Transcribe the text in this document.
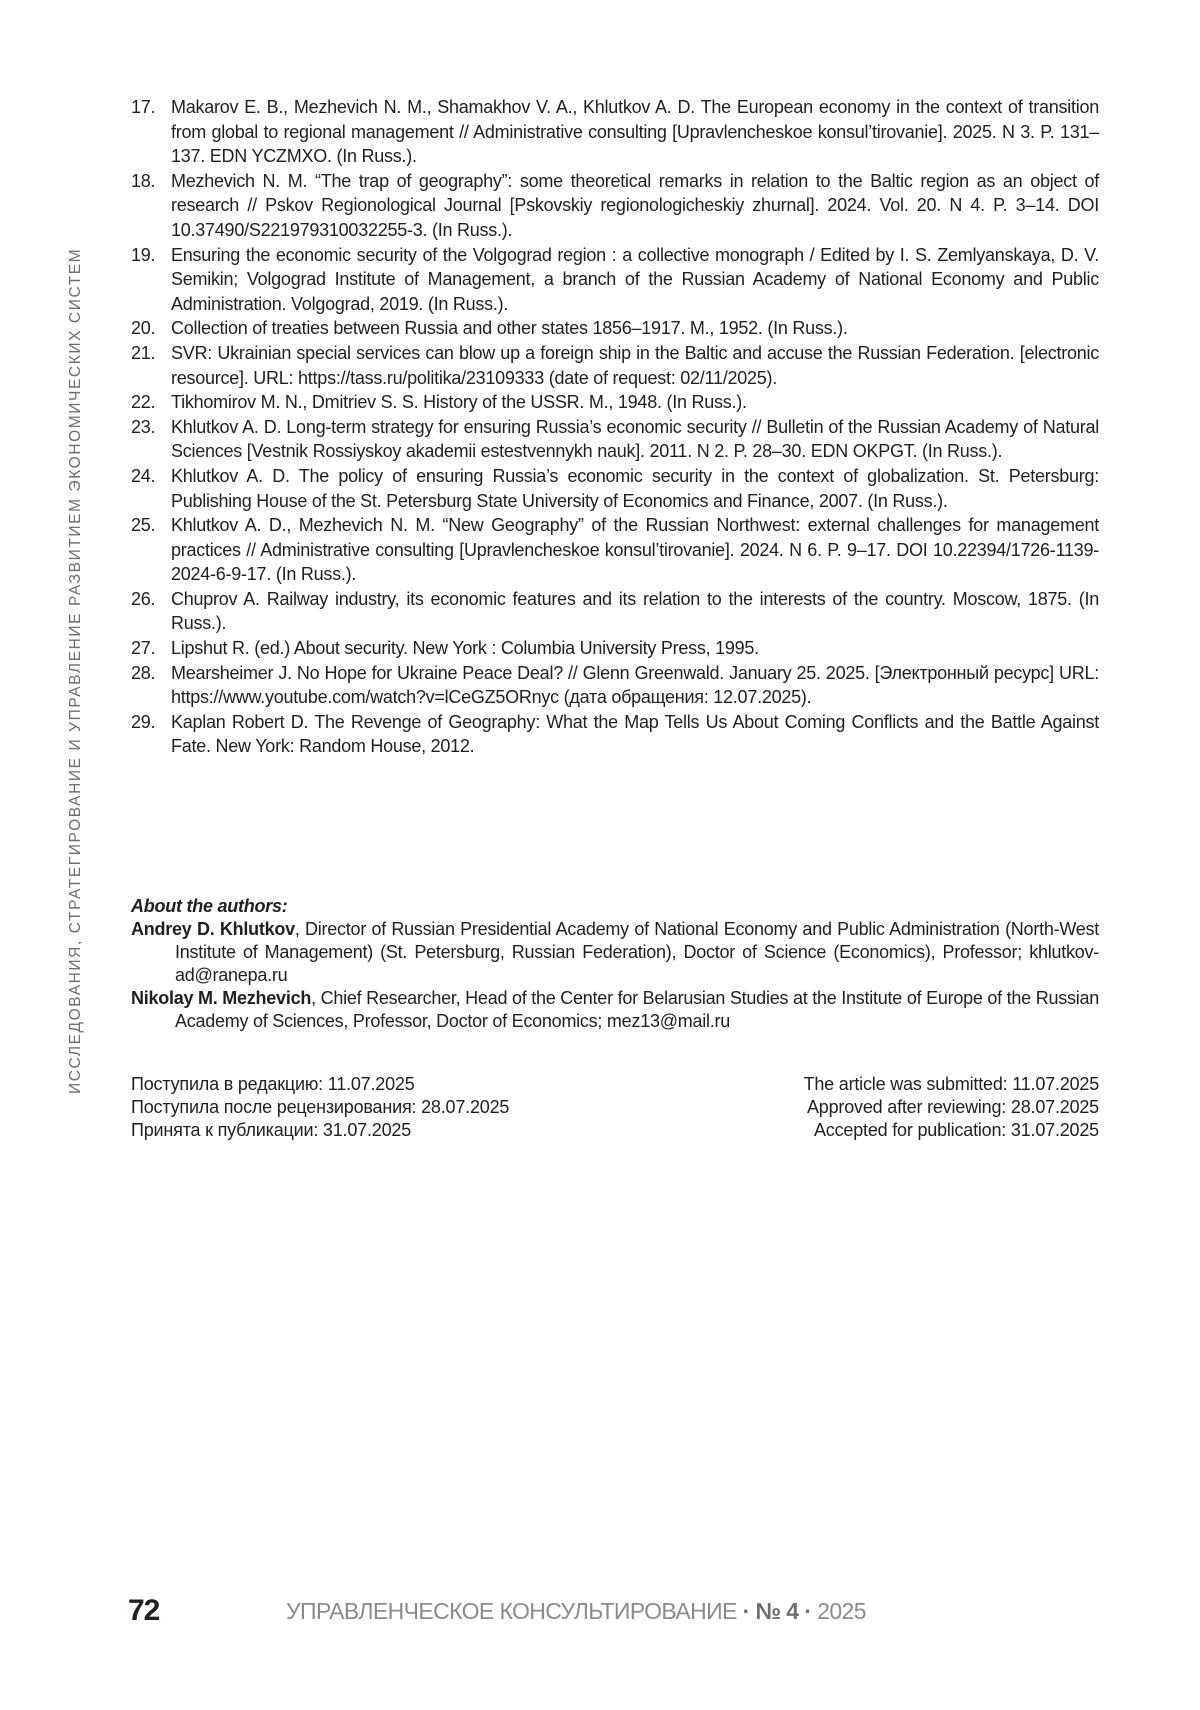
ИССЛЕДОВАНИЯ, СТРАТЕГИРОВАНИЕ И УПРАВЛЕНИЕ РАЗВИТИЕМ ЭКОНОМИЧЕСКИХ СИСТЕМ
17. Makarov E. B., Mezhevich N. M., Shamakhov V. A., Khlutkov A. D. The European economy in the context of transition from global to regional management // Administrative consulting [Upravlencheskoe konsul’tirovanie]. 2025. N 3. P. 131–137. EDN YCZMXO. (In Russ.).
18. Mezhevich N. M. “The trap of geography”: some theoretical remarks in relation to the Baltic region as an object of research // Pskov Regionological Journal [Pskovskiy regionologicheskiy zhurnal]. 2024. Vol. 20. N 4. P. 3–14. DOI 10.37490/S221979310032255-3. (In Russ.).
19. Ensuring the economic security of the Volgograd region : a collective monograph / Edited by I. S. Zemlyanskaya, D. V. Semikin; Volgograd Institute of Management, a branch of the Russian Academy of National Economy and Public Administration. Volgograd, 2019. (In Russ.).
20. Collection of treaties between Russia and other states 1856–1917. M., 1952. (In Russ.).
21. SVR: Ukrainian special services can blow up a foreign ship in the Baltic and accuse the Russian Federation. [electronic resource]. URL: https://tass.ru/politika/23109333 (date of request: 02/11/2025).
22. Tikhomirov M. N., Dmitriev S. S. History of the USSR. M., 1948. (In Russ.).
23. Khlutkov A. D. Long-term strategy for ensuring Russia’s economic security // Bulletin of the Russian Academy of Natural Sciences [Vestnik Rossiyskoy akademii estestvennykh nauk]. 2011. N 2. P. 28–30. EDN OKPGT. (In Russ.).
24. Khlutkov A. D. The policy of ensuring Russia’s economic security in the context of globalization. St. Petersburg: Publishing House of the St. Petersburg State University of Economics and Finance, 2007. (In Russ.).
25. Khlutkov A. D., Mezhevich N. M. “New Geography” of the Russian Northwest: external challenges for management practices // Administrative consulting [Upravlencheskoe konsul’tirovanie]. 2024. N 6. P. 9–17. DOI 10.22394/1726-1139-2024-6-9-17. (In Russ.).
26. Chuprov A. Railway industry, its economic features and its relation to the interests of the country. Moscow, 1875. (In Russ.).
27. Lipshut R. (ed.) About security. New York : Columbia University Press, 1995.
28. Mearsheimer J. No Hope for Ukraine Peace Deal? // Glenn Greenwald. January 25. 2025. [Электронный ресурс] URL: https://www.youtube.com/watch?v=lCeGZ5ORnyc (дата обращения: 12.07.2025).
29. Kaplan Robert D. The Revenge of Geography: What the Map Tells Us About Coming Conflicts and the Battle Against Fate. New York: Random House, 2012.
About the authors:
Andrey D. Khlutkov, Director of Russian Presidential Academy of National Economy and Public Administration (North-West Institute of Management) (St. Petersburg, Russian Federation), Doctor of Science (Economics), Professor; khlutkov-ad@ranepa.ru
Nikolay M. Mezhevich, Chief Researcher, Head of the Center for Belarusian Studies at the Institute of Europe of the Russian Academy of Sciences, Professor, Doctor of Economics; mez13@mail.ru
Поступила в редакцию: 11.07.2025	The article was submitted: 11.07.2025
Поступила после рецензирования: 28.07.2025	Approved after reviewing: 28.07.2025
Принята к публикации: 31.07.2025	Accepted for publication: 31.07.2025
72	УПРАВЛЕНЧЕСКОЕ КОНСУЛЬТИРОВАНИЕ · № 4 · 2025
